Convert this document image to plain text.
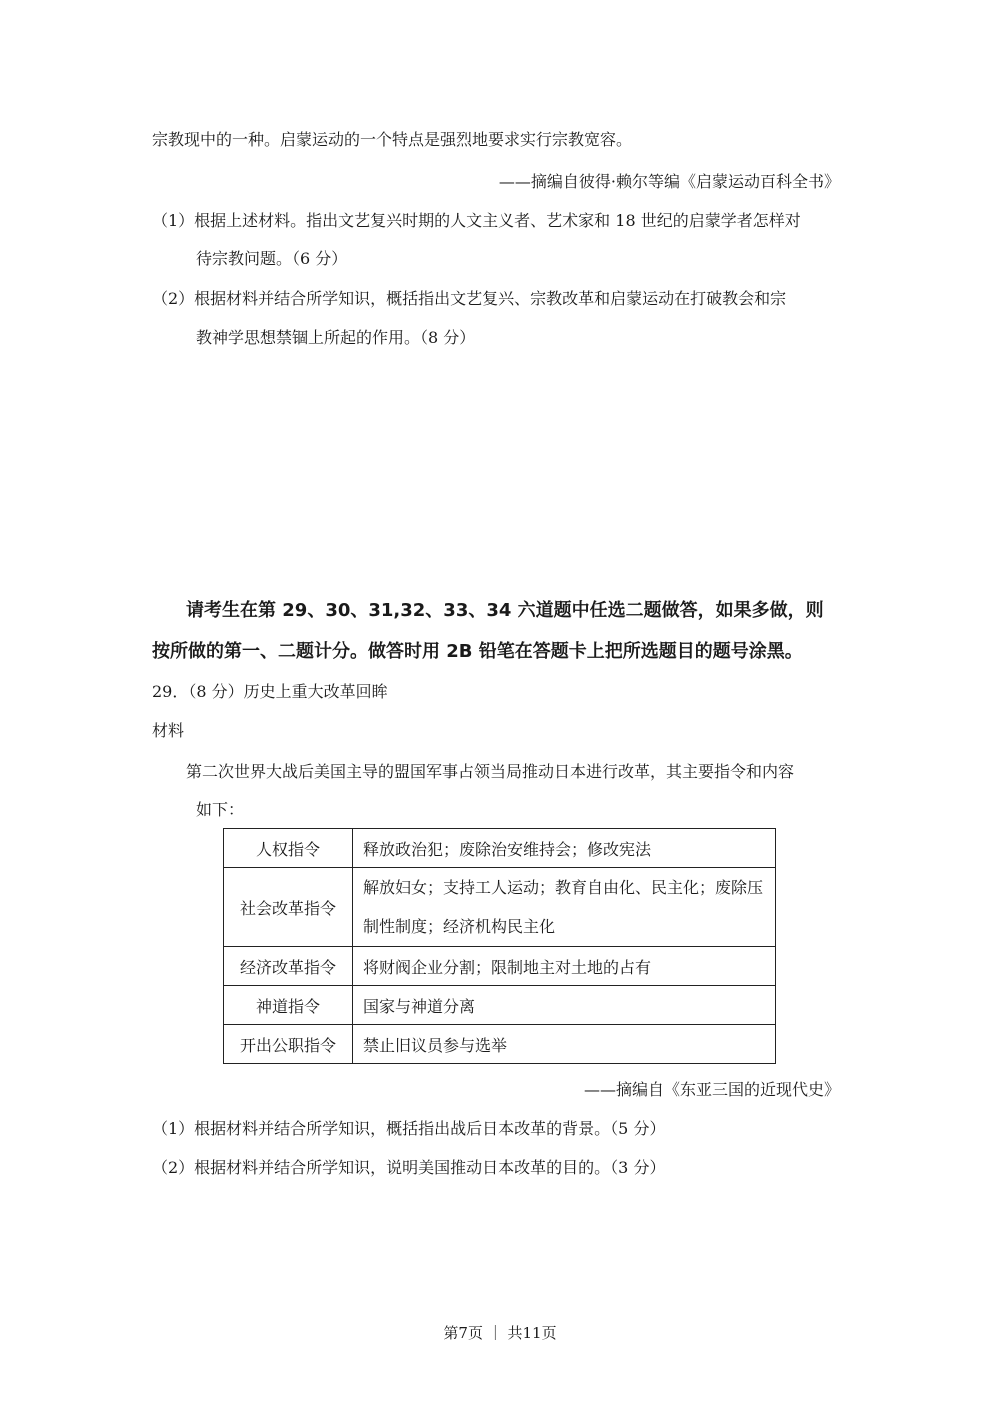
宗教现中的一种。启蒙运动的一个特点是强烈地要求实行宗教宽容。
——摘编自彼得·赖尔等编《启蒙运动百科全书》
（1）根据上述材料。指出文艺复兴时期的人文主义者、艺术家和 18 世纪的启蒙学者怎样对
待宗教问题。（6 分）
（2）根据材料并结合所学知识，概括指出文艺复兴、宗教改革和启蒙运动在打破教会和宗
教神学思想禁锢上所起的作用。（8 分）
请考生在第 29、30、31,32、33、34 六道题中任选二题做答，如果多做，则
按所做的第一、二题计分。做答时用 2B 铅笔在答题卡上把所选题目的题号涂黑。
29．（8 分）历史上重大改革回眸
材料
第二次世界大战后美国主导的盟国军事占领当局推动日本进行改革，其主要指令和内容
如下：
人权指令	释放政治犯；废除治安维持会；修改宪法
社会改革指令	解放妇女；支持工人运动；教育自由化、民主化；废除压制性制度；经济机构民主化
经济改革指令	将财阀企业分割；限制地主对土地的占有
神道指令	国家与神道分离
开出公职指令	禁止旧议员参与选举
——摘编自《东亚三国的近现代史》
（1）根据材料并结合所学知识，概括指出战后日本改革的背景。（5 分）
（2）根据材料并结合所学知识，说明美国推动日本改革的目的。（3 分）
第7页 ｜ 共11页
